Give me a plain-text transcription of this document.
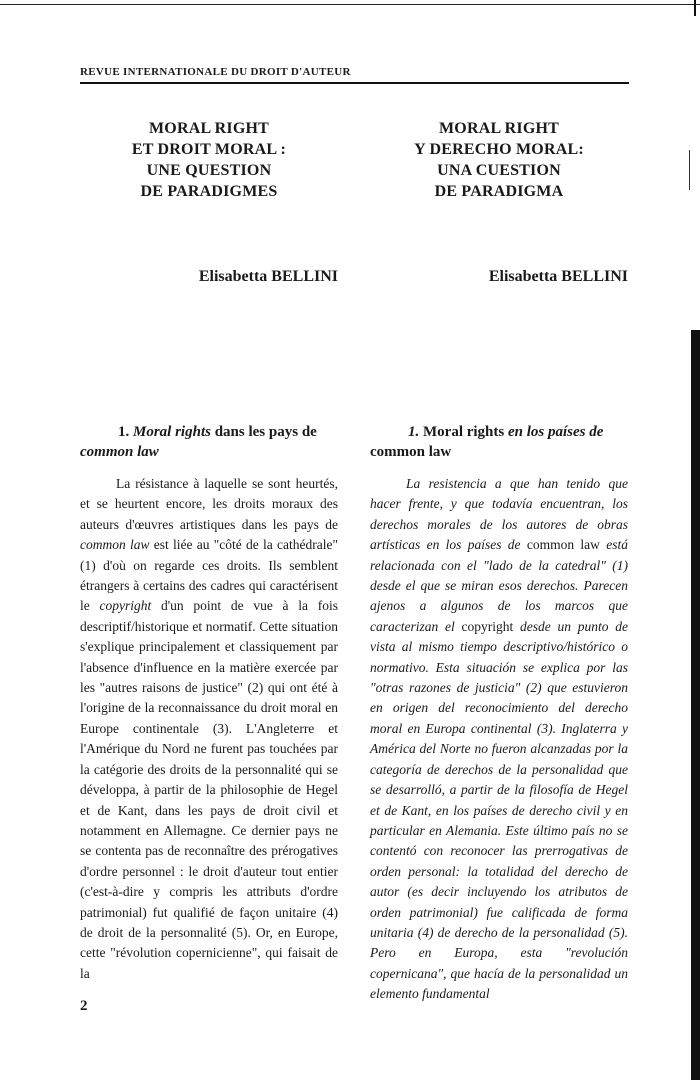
REVUE INTERNATIONALE DU DROIT D'AUTEUR
MORAL RIGHT
ET DROIT MORAL :
UNE QUESTION
DE PARADIGMES
Elisabetta BELLINI
1. Moral rights dans les pays de
common law

La résistance à laquelle se sont heurtés, et se heurtent encore, les droits moraux des auteurs d'œuvres artistiques dans les pays de common law est liée au "côté de la cathédrale" (1) d'où on regarde ces droits. Ils semblent étrangers à certains des cadres qui caractérisent le copyright d'un point de vue à la fois descriptif/historique et normatif. Cette situation s'explique principalement et classiquement par l'absence d'influence en la matière exercée par les "autres raisons de justice" (2) qui ont été à l'origine de la reconnaissance du droit moral en Europe continentale (3). L'Angleterre et l'Amérique du Nord ne furent pas touchées par la catégorie des droits de la personnalité qui se développa, à partir de la philosophie de Hegel et de Kant, dans les pays de droit civil et notamment en Allemagne. Ce dernier pays ne se contenta pas de reconnaître des prérogatives d'ordre personnel : le droit d'auteur tout entier (c'est-à-dire y compris les attributs d'ordre patrimonial) fut qualifié de façon unitaire (4) de droit de la personnalité (5). Or, en Europe, cette "révolution copernicienne", qui faisait de la

MORAL RIGHT
Y DERECHO MORAL:
UNA CUESTION
DE PARADIGMA
Elisabetta BELLINI
1. Moral rights en los países de
common law

La resistencia a que han tenido que hacer frente, y que todavía encuentran, los derechos morales de los autores de obras artísticas en los países de common law está relacionada con el "lado de la catedral" (1) desde el que se miran esos derechos. Parecen ajenos a algunos de los marcos que caracterizan el copyright desde un punto de vista al mismo tiempo descriptivo/histórico o normativo. Esta situación se explica por las "otras razones de justicia" (2) que estuvieron en origen del reconocimiento del derecho moral en Europa continental (3). Inglaterra y América del Norte no fueron alcanzadas por la categoría de derechos de la personalidad que se desarrolló, a partir de la filosofía de Hegel et de Kant, en los países de derecho civil y en particular en Alemania. Este último país no se contentó con reconocer las prerrogativas de orden personal: la totalidad del derecho de autor (es decir incluyendo los atributos de orden patrimonial) fue calificada de forma unitaria (4) de derecho de la personalidad (5). Pero en Europa, esta "revolución copernicana", que hacía de la personalidad un elemento fundamental

2
